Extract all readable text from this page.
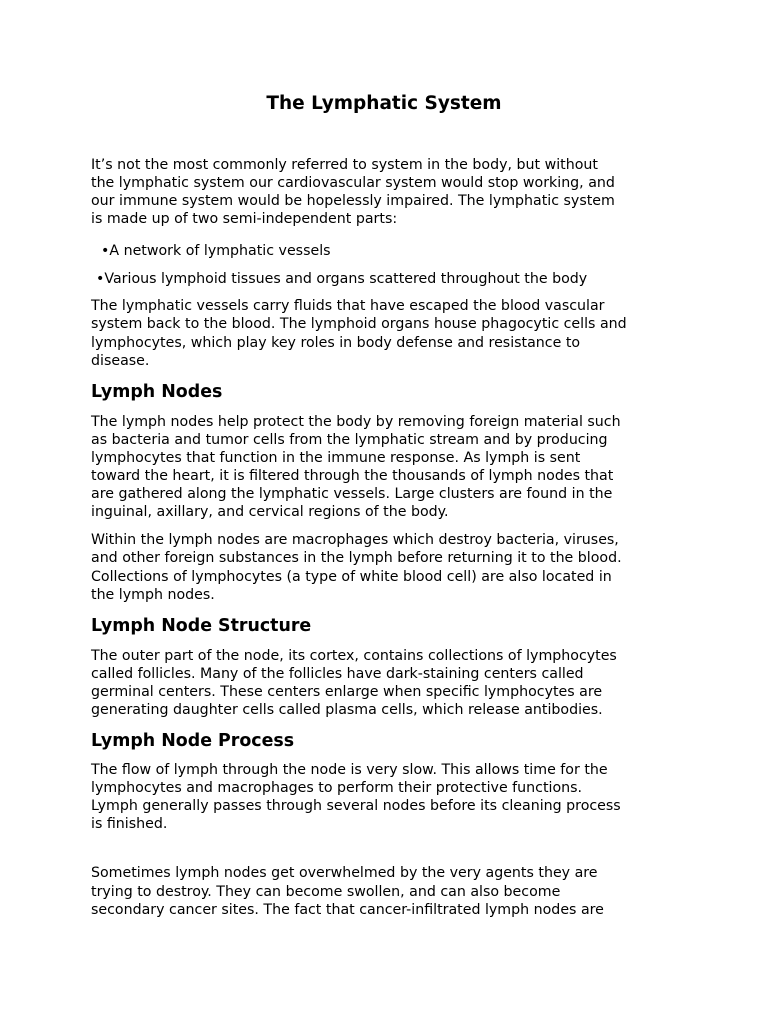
The Lymphatic System

It’s not the most commonly referred to system in the body, but without
the lymphatic system our cardiovascular system would stop working, and
our immune system would be hopelessly impaired. The lymphatic system
is made up of two semi-independent parts:

•A network of lymphatic vessels

•Various lymphoid tissues and organs scattered throughout the body

The lymphatic vessels carry fluids that have escaped the blood vascular
system back to the blood. The lymphoid organs house phagocytic cells and
lymphocytes, which play key roles in body defense and resistance to
disease.

Lymph Nodes

The lymph nodes help protect the body by removing foreign material such
as bacteria and tumor cells from the lymphatic stream and by producing
lymphocytes that function in the immune response. As lymph is sent
toward the heart, it is filtered through the thousands of lymph nodes that
are gathered along the lymphatic vessels. Large clusters are found in the
inguinal, axillary, and cervical regions of the body.

Within the lymph nodes are macrophages which destroy bacteria, viruses,
and other foreign substances in the lymph before returning it to the blood.
Collections of lymphocytes (a type of white blood cell) are also located in
the lymph nodes.

Lymph Node Structure

The outer part of the node, its cortex, contains collections of lymphocytes
called follicles. Many of the follicles have dark-staining centers called
germinal centers. These centers enlarge when specific lymphocytes are
generating daughter cells called plasma cells, which release antibodies.

Lymph Node Process

The flow of lymph through the node is very slow. This allows time for the
lymphocytes and macrophages to perform their protective functions.
Lymph generally passes through several nodes before its cleaning process
is finished.

Sometimes lymph nodes get overwhelmed by the very agents they are
trying to destroy. They can become swollen, and can also become
secondary cancer sites. The fact that cancer-infiltrated lymph nodes are
